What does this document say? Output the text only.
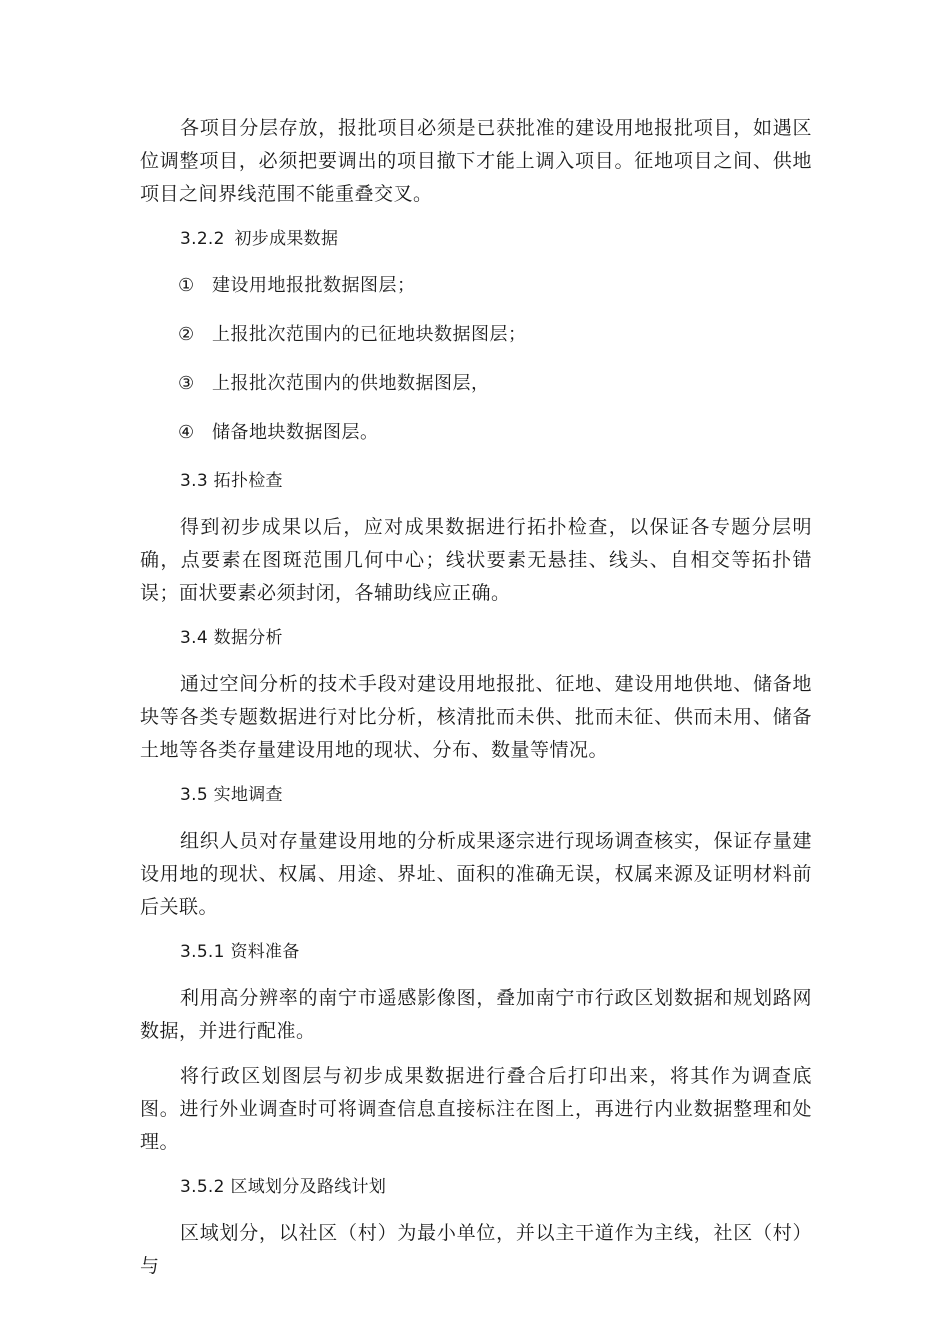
各项目分层存放，报批项目必须是已获批准的建设用地报批项目，如遇区位调整项目，必须把要调出的项目撤下才能上调入项目。征地项目之间、供地项目之间界线范围不能重叠交叉。

3.2.2 初步成果数据
① 建设用地报批数据图层；
② 上报批次范围内的已征地块数据图层；
③ 上报批次范围内的供地数据图层，
④ 储备地块数据图层。
3.3 拓扑检查

得到初步成果以后，应对成果数据进行拓扑检查，以保证各专题分层明确，点要素在图斑范围几何中心；线状要素无悬挂、线头、自相交等拓扑错误；面状要素必须封闭，各辅助线应正确。

3.4 数据分析

通过空间分析的技术手段对建设用地报批、征地、建设用地供地、储备地块等各类专题数据进行对比分析，核清批而未供、批而未征、供而未用、储备土地等各类存量建设用地的现状、分布、数量等情况。

3.5 实地调查

组织人员对存量建设用地的分析成果逐宗进行现场调查核实，保证存量建设用地的现状、权属、用途、界址、面积的准确无误，权属来源及证明材料前后关联。

3.5.1 资料准备

利用高分辨率的南宁市遥感影像图，叠加南宁市行政区划数据和规划路网数据，并进行配准。

将行政区划图层与初步成果数据进行叠合后打印出来，将其作为调查底图。进行外业调查时可将调查信息直接标注在图上，再进行内业数据整理和处理。

3.5.2 区域划分及路线计划

区域划分，以社区（村）为最小单位，并以主干道作为主线，社区（村）与
